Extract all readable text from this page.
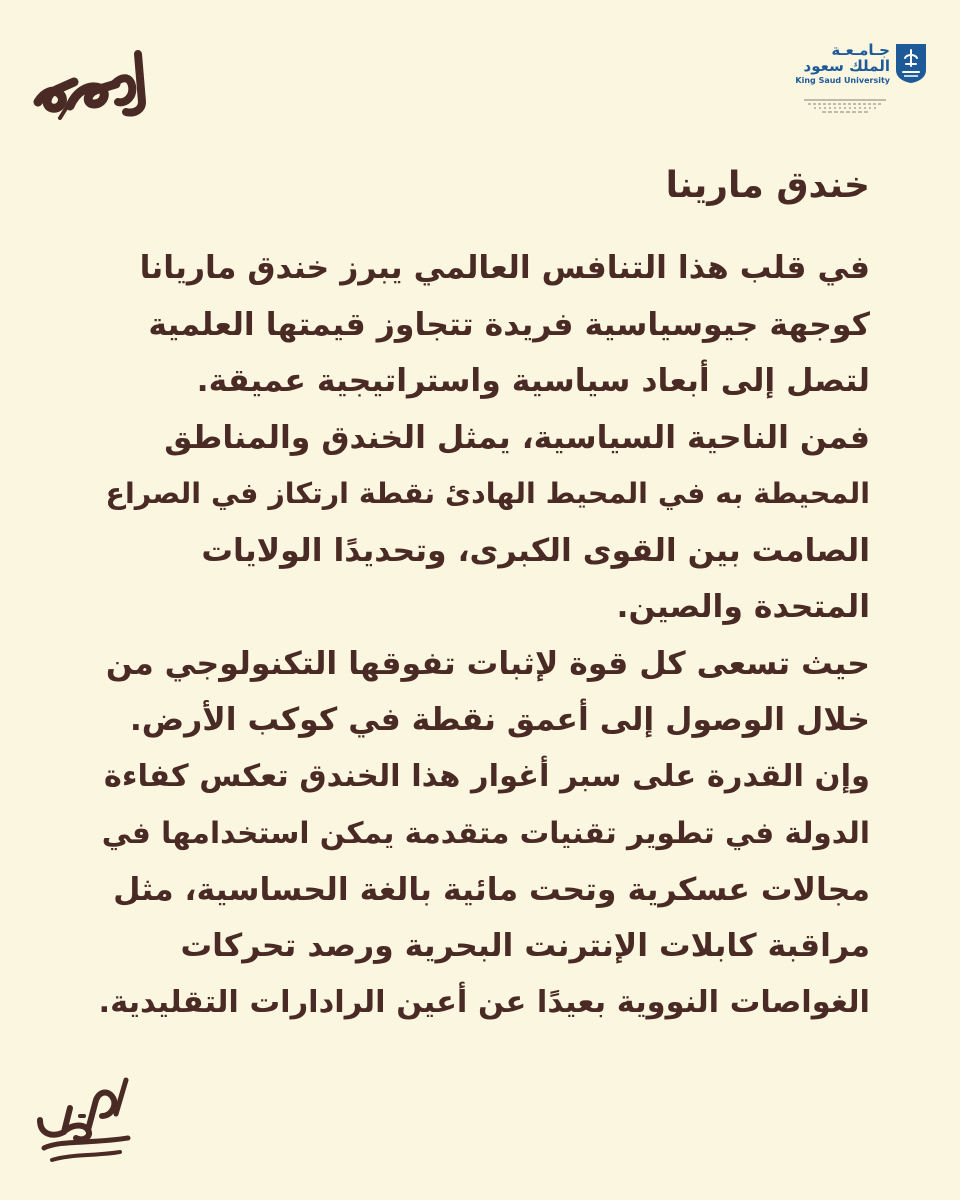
جـامـعـة
الملك سعود
King Saud University
خندق مارينا
في قلب هذا التنافس العالمي يبرز خندق ماريانا
كوجهة جيوسياسية فريدة تتجاوز قيمتها العلمية
لتصل إلى أبعاد سياسية واستراتيجية عميقة.
فمن الناحية السياسية، يمثل الخندق والمناطق
المحيطة به في المحيط الهادئ نقطة ارتكاز في الصراع
الصامت بين القوى الكبرى، وتحديدًا الولايات
المتحدة والصين.
حيث تسعى كل قوة لإثبات تفوقها التكنولوجي من
خلال الوصول إلى أعمق نقطة في كوكب الأرض.
وإن القدرة على سبر أغوار هذا الخندق تعكس كفاءة
الدولة في تطوير تقنيات متقدمة يمكن استخدامها في
مجالات عسكرية وتحت مائية بالغة الحساسية، مثل
مراقبة كابلات الإنترنت البحرية ورصد تحركات
الغواصات النووية بعيدًا عن أعين الرادارات التقليدية.
